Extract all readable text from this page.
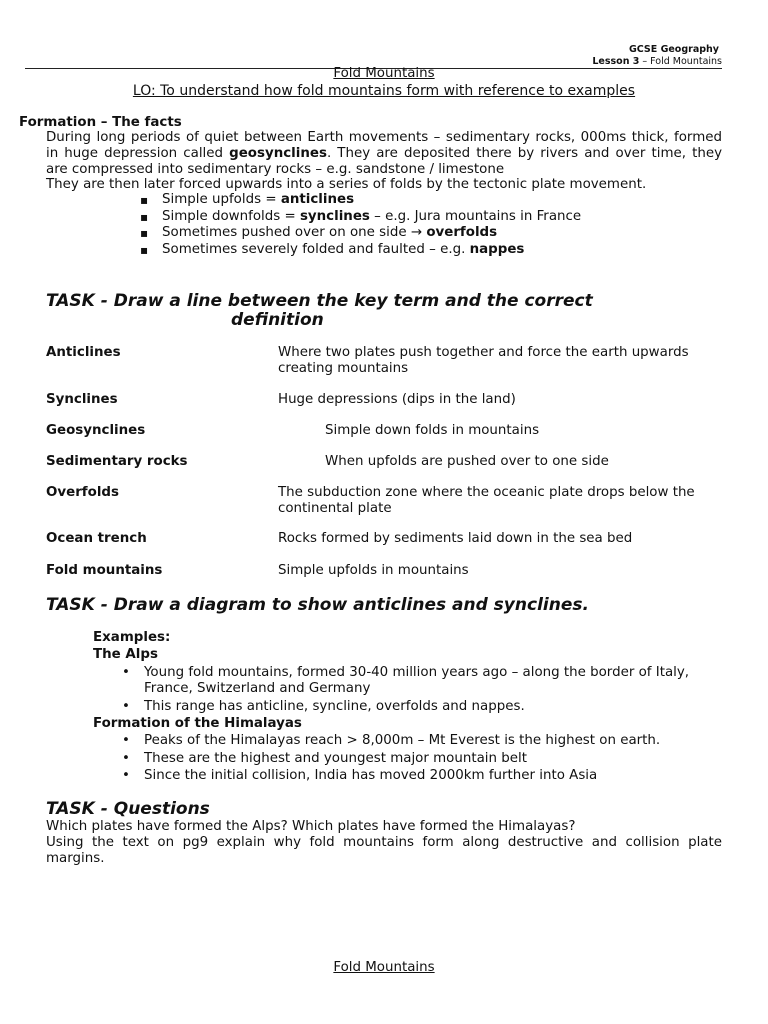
GCSE Geography
Lesson 3 – Fold Mountains
Fold Mountains
LO: To understand how fold mountains form with reference to examples
Formation – The facts
During long periods of quiet between Earth movements – sedimentary rocks, 000ms thick, formed in huge depression called geosynclines. They are deposited there by rivers and over time, they are compressed into sedimentary rocks – e.g. sandstone / limestone
They are then later forced upwards into a series of folds by the tectonic plate movement.
▪ Simple upfolds = anticlines
▪ Simple downfolds = synclines – e.g. Jura mountains in France
▪ Sometimes pushed over on one side → overfolds
▪ Sometimes severely folded and faulted – e.g. nappes
TASK - Draw a line between the key term and the correct
definition
Anticlines
Synclines
Geosynclines
Sedimentary rocks
Overfolds
Ocean trench
Fold mountains
Where two plates push together and force the earth upwards creating mountains
Huge depressions (dips in the land)
Simple down folds in mountains
When upfolds are pushed over to one side
The subduction zone where the oceanic plate drops below the continental plate
Rocks formed by sediments laid down in the sea bed
Simple upfolds in mountains
TASK - Draw a diagram to show anticlines and synclines.
Examples:
The Alps
• Young fold mountains, formed 30-40 million years ago – along the border of Italy, France, Switzerland and Germany
• This range has anticline, syncline, overfolds and nappes.
Formation of the Himalayas
• Peaks of the Himalayas reach > 8,000m – Mt Everest is the highest on earth.
• These are the highest and youngest major mountain belt
• Since the initial collision, India has moved 2000km further into Asia
TASK - Questions
Which plates have formed the Alps? Which plates have formed the Himalayas?
Using the text on pg9 explain why fold mountains form along destructive and collision plate margins.
Fold Mountains
